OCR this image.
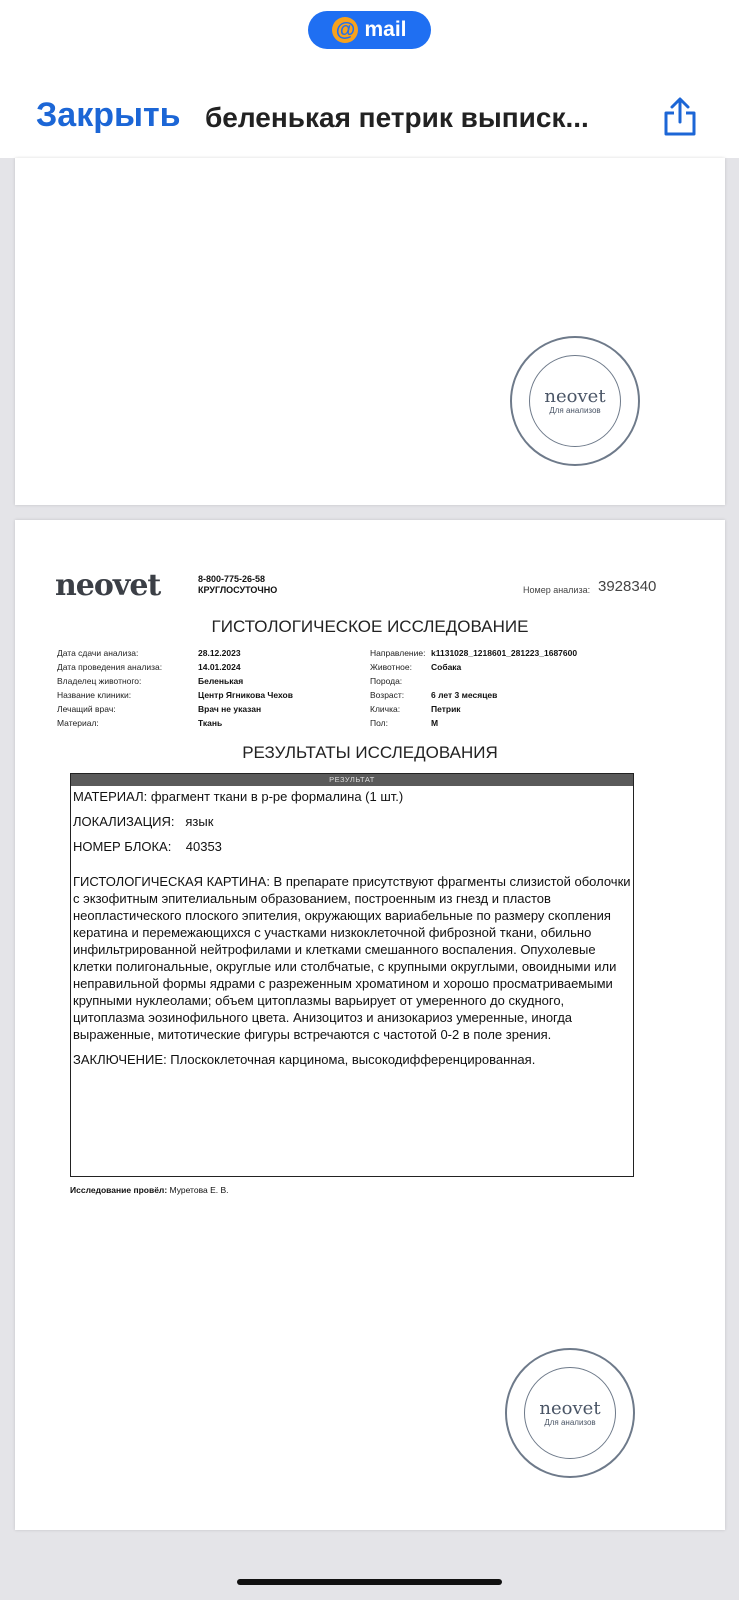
@ mail
Закрыть беленькая петрик выписк...
neovet
Для анализов
neovet	8-800-775-26-58
КРУГЛОСУТОЧНО	Номер анализа: 3928340
ГИСТОЛОГИЧЕСКОЕ ИССЛЕДОВАНИЕ
Дата сдачи анализа:	28.12.2023
Дата проведения анализа:	14.01.2024
Владелец животного:	Беленькая
Название клиники:	Центр Ягникова Чехов
Лечащий врач:	Врач не указан
Материал:	Ткань
Направление: k1131028_1218601_281223_1687600
Животное:	Собака
Порода:
Возраст:	6 лет 3 месяцев
Кличка:	Петрик
Пол:	М
РЕЗУЛЬТАТЫ ИССЛЕДОВАНИЯ
РЕЗУЛЬТАТ

МАТЕРИАЛ: фрагмент ткани в р-ре формалина (1 шт.)

ЛОКАЛИЗАЦИЯ:   язык

НОМЕР БЛОКА:    40353

ГИСТОЛОГИЧЕСКАЯ КАРТИНА: В препарате присутствуют фрагменты слизистой оболочки с экзофитным эпителиальным образованием, построенным из гнезд и пластов неопластического плоского эпителия, окружающих вариабельные по размеру скопления кератина и перемежающихся с участками низкоклеточной фиброзной ткани, обильно инфильтрированной нейтрофилами и клетками смешанного воспаления. Опухолевые клетки полигональные, округлые или столбчатые, с крупными округлыми, овоидными или неправильной формы ядрами с разреженным хроматином и хорошо просматриваемыми крупными нуклеолами; объем цитоплазмы варьирует от умеренного до скудного, цитоплазма эозинофильного цвета. Анизоцитоз и анизокариоз умеренные, иногда выраженные, митотические фигуры встречаются с частотой 0-2 в поле зрения.

ЗАКЛЮЧЕНИЕ: Плоскоклеточная карцинома, высокодифференцированная.

Исследование провёл: Муретова Е. В.
neovet
Для анализов
